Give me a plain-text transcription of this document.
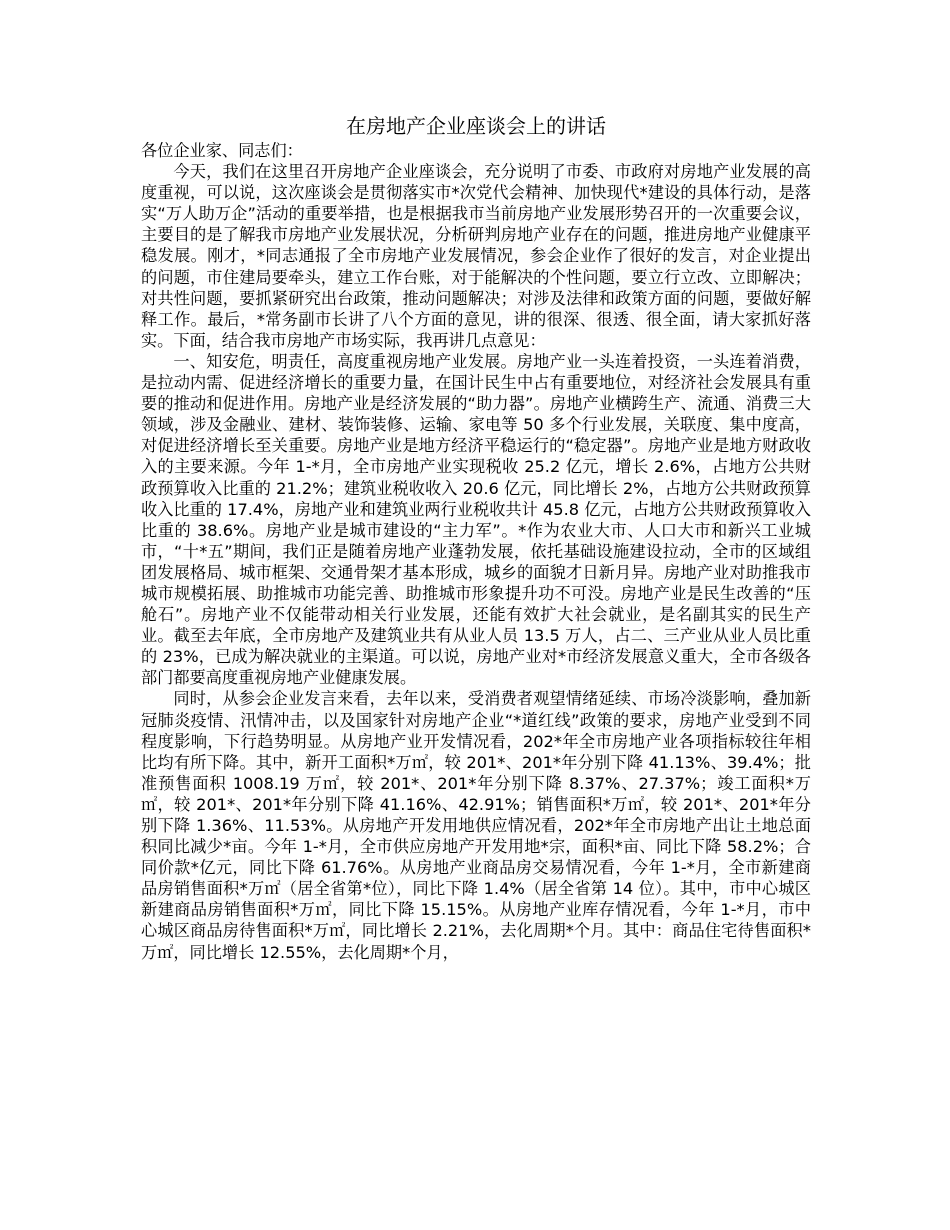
在房地产企业座谈会上的讲话

各位企业家、同志们：

今天，我们在这里召开房地产企业座谈会，充分说明了市委、市政府对房地产业发展的高度重视，可以说，这次座谈会是贯彻落实市*次党代会精神、加快现代*建设的具体行动，是落实“万人助万企”活动的重要举措，也是根据我市当前房地产业发展形势召开的一次重要会议，主要目的是了解我市房地产业发展状况，分析研判房地产业存在的问题，推进房地产业健康平稳发展。刚才，*同志通报了全市房地产业发展情况，参会企业作了很好的发言，对企业提出的问题，市住建局要牵头，建立工作台账，对于能解决的个性问题，要立行立改、立即解决；对共性问题，要抓紧研究出台政策，推动问题解决；对涉及法律和政策方面的问题，要做好解释工作。最后，*常务副市长讲了八个方面的意见，讲的很深、很透、很全面，请大家抓好落实。下面，结合我市房地产市场实际，我再讲几点意见：

一、知安危，明责任，高度重视房地产业发展。房地产业一头连着投资，一头连着消费，是拉动内需、促进经济增长的重要力量，在国计民生中占有重要地位，对经济社会发展具有重要的推动和促进作用。房地产业是经济发展的“助力器”。房地产业横跨生产、流通、消费三大领域，涉及金融业、建材、装饰装修、运输、家电等 50 多个行业发展，关联度、集中度高，对促进经济增长至关重要。房地产业是地方经济平稳运行的“稳定器”。房地产业是地方财政收入的主要来源。今年 1-*月，全市房地产业实现税收 25.2 亿元，增长 2.6%，占地方公共财政预算收入比重的 21.2%；建筑业税收收入 20.6 亿元，同比增长 2%，占地方公共财政预算收入比重的 17.4%，房地产业和建筑业两行业税收共计 45.8 亿元，占地方公共财政预算收入比重的 38.6%。房地产业是城市建设的“主力军”。*作为农业大市、人口大市和新兴工业城市，“十*五”期间，我们正是随着房地产业蓬勃发展，依托基础设施建设拉动，全市的区域组团发展格局、城市框架、交通骨架才基本形成，城乡的面貌才日新月异。房地产业对助推我市城市规模拓展、助推城市功能完善、助推城市形象提升功不可没。房地产业是民生改善的“压舱石”。房地产业不仅能带动相关行业发展，还能有效扩大社会就业，是名副其实的民生产业。截至去年底，全市房地产及建筑业共有从业人员 13.5 万人，占二、三产业从业人员比重的 23%，已成为解决就业的主渠道。可以说，房地产业对*市经济发展意义重大，全市各级各部门都要高度重视房地产业健康发展。

同时，从参会企业发言来看，去年以来，受消费者观望情绪延续、市场冷淡影响，叠加新冠肺炎疫情、汛情冲击，以及国家针对房地产企业“*道红线”政策的要求，房地产业受到不同程度影响，下行趋势明显。从房地产业开发情况看，202*年全市房地产业各项指标较往年相比均有所下降。其中，新开工面积*万㎡，较 201*、201*年分别下降 41.13%、39.4%；批准预售面积 1008.19 万㎡，较 201*、201*年分别下降 8.37%、27.37%；竣工面积*万㎡，较 201*、201*年分别下降 41.16%、42.91%；销售面积*万㎡，较 201*、201*年分别下降 1.36%、11.53%。从房地产开发用地供应情况看，202*年全市房地产出让土地总面积同比减少*亩。今年 1-*月，全市供应房地产开发用地*宗，面积*亩、同比下降 58.2%；合同价款*亿元，同比下降 61.76%。从房地产业商品房交易情况看，今年 1-*月，全市新建商品房销售面积*万㎡（居全省第*位），同比下降 1.4%（居全省第 14 位）。其中，市中心城区新建商品房销售面积*万㎡，同比下降 15.15%。从房地产业库存情况看，今年 1-*月，市中心城区商品房待售面积*万㎡，同比增长 2.21%，去化周期*个月。其中：商品住宅待售面积*万㎡，同比增长 12.55%，去化周期*个月，
